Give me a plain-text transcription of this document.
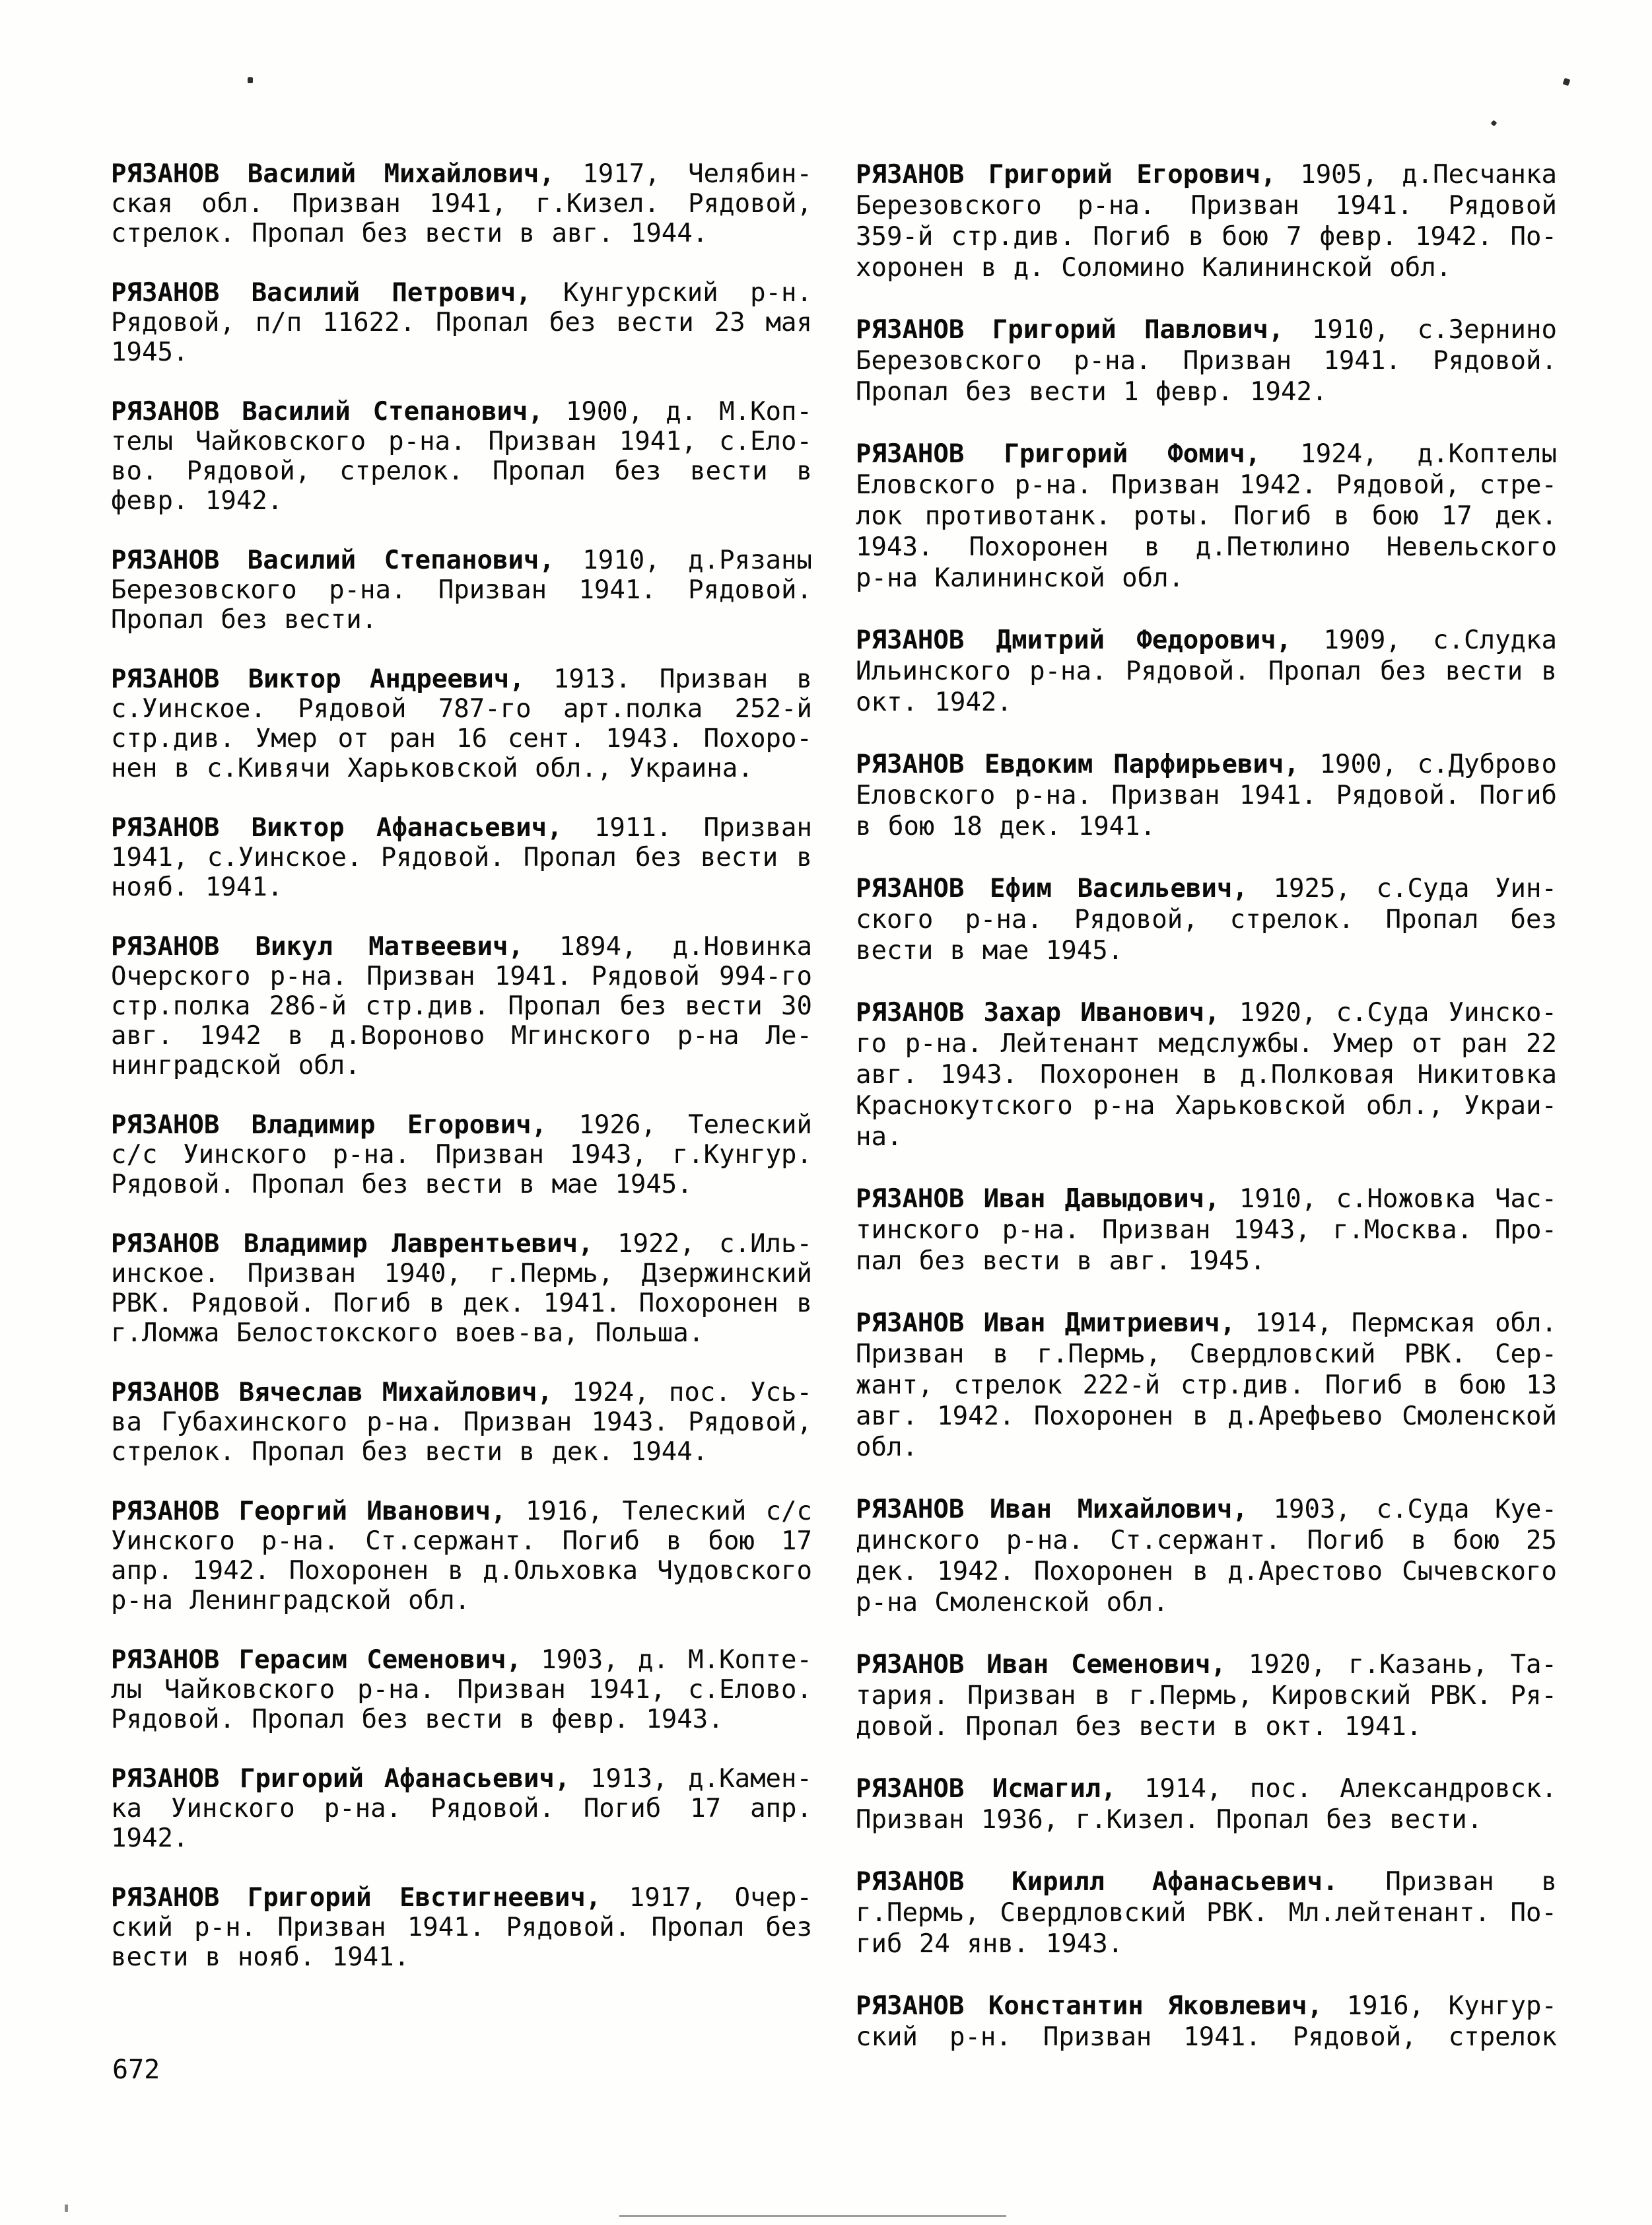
РЯЗАНОВ Василий Михайлович, 1917, Челябин-
ская обл. Призван 1941, г.Кизел. Рядовой,
стрелок. Пропал без вести в авг. 1944.
РЯЗАНОВ Василий Петрович, Кунгурский р-н.
Рядовой, п/п 11622. Пропал без вести 23 мая
1945.
РЯЗАНОВ Василий Степанович, 1900, д. М.Коп-
телы Чайковского р-на. Призван 1941, с.Ело-
во. Рядовой, стрелок. Пропал без вести в
февр. 1942.
РЯЗАНОВ Василий Степанович, 1910, д.Рязаны
Березовского р-на. Призван 1941. Рядовой.
Пропал без вести.
РЯЗАНОВ Виктор Андреевич, 1913. Призван в
с.Уинское. Рядовой 787-го арт.полка 252-й
стр.див. Умер от ран 16 сент. 1943. Похоро-
нен в с.Кивячи Харьковской обл., Украина.
РЯЗАНОВ Виктор Афанасьевич, 1911. Призван
1941, с.Уинское. Рядовой. Пропал без вести в
нояб. 1941.
РЯЗАНОВ Викул Матвеевич, 1894, д.Новинка
Очерского р-на. Призван 1941. Рядовой 994-го
стр.полка 286-й стр.див. Пропал без вести 30
авг. 1942 в д.Вороново Мгинского р-на Ле-
нинградской обл.
РЯЗАНОВ Владимир Егорович, 1926, Телеский
с/с Уинского р-на. Призван 1943, г.Кунгур.
Рядовой. Пропал без вести в мае 1945.
РЯЗАНОВ Владимир Лаврентьевич, 1922, с.Иль-
инское. Призван 1940, г.Пермь, Дзержинский
РВК. Рядовой. Погиб в дек. 1941. Похоронен в
г.Ломжа Белостокского воев-ва, Польша.
РЯЗАНОВ Вячеслав Михайлович, 1924, пос. Усь-
ва Губахинского р-на. Призван 1943. Рядовой,
стрелок. Пропал без вести в дек. 1944.
РЯЗАНОВ Георгий Иванович, 1916, Телеский с/с
Уинского р-на. Ст.сержант. Погиб в бою 17
апр. 1942. Похоронен в д.Ольховка Чудовского
р-на Ленинградской обл.
РЯЗАНОВ Герасим Семенович, 1903, д. М.Копте-
лы Чайковского р-на. Призван 1941, с.Елово.
Рядовой. Пропал без вести в февр. 1943.
РЯЗАНОВ Григорий Афанасьевич, 1913, д.Камен-
ка Уинского р-на. Рядовой. Погиб 17 апр.
1942.
РЯЗАНОВ Григорий Евстигнеевич, 1917, Очер-
ский р-н. Призван 1941. Рядовой. Пропал без
вести в нояб. 1941.
РЯЗАНОВ Григорий Егорович, 1905, д.Песчанка
Березовского р-на. Призван 1941. Рядовой
359-й стр.див. Погиб в бою 7 февр. 1942. По-
хоронен в д. Соломино Калининской обл.
РЯЗАНОВ Григорий Павлович, 1910, с.Зернино
Березовского р-на. Призван 1941. Рядовой.
Пропал без вести 1 февр. 1942.
РЯЗАНОВ Григорий Фомич, 1924, д.Коптелы
Еловского р-на. Призван 1942. Рядовой, стре-
лок противотанк. роты. Погиб в бою 17 дек.
1943. Похоронен в д.Петюлино Невельского
р-на Калининской обл.
РЯЗАНОВ Дмитрий Федорович, 1909, с.Слудка
Ильинского р-на. Рядовой. Пропал без вести в
окт. 1942.
РЯЗАНОВ Евдоким Парфирьевич, 1900, с.Дуброво
Еловского р-на. Призван 1941. Рядовой. Погиб
в бою 18 дек. 1941.
РЯЗАНОВ Ефим Васильевич, 1925, с.Суда Уин-
ского р-на. Рядовой, стрелок. Пропал без
вести в мае 1945.
РЯЗАНОВ Захар Иванович, 1920, с.Суда Уинско-
го р-на. Лейтенант медслужбы. Умер от ран 22
авг. 1943. Похоронен в д.Полковая Никитовка
Краснокутского р-на Харьковской обл., Украи-
на.
РЯЗАНОВ Иван Давыдович, 1910, с.Ножовка Час-
тинского р-на. Призван 1943, г.Москва. Про-
пал без вести в авг. 1945.
РЯЗАНОВ Иван Дмитриевич, 1914, Пермская обл.
Призван в г.Пермь, Свердловский РВК. Сер-
жант, стрелок 222-й стр.див. Погиб в бою 13
авг. 1942. Похоронен в д.Арефьево Смоленской
обл.
РЯЗАНОВ Иван Михайлович, 1903, с.Суда Куе-
динского р-на. Ст.сержант. Погиб в бою 25
дек. 1942. Похоронен в д.Арестово Сычевского
р-на Смоленской обл.
РЯЗАНОВ Иван Семенович, 1920, г.Казань, Та-
тария. Призван в г.Пермь, Кировский РВК. Ря-
довой. Пропал без вести в окт. 1941.
РЯЗАНОВ Исмагил, 1914, пос. Александровск.
Призван 1936, г.Кизел. Пропал без вести.
РЯЗАНОВ Кирилл Афанасьевич. Призван в
г.Пермь, Свердловский РВК. Мл.лейтенант. По-
гиб 24 янв. 1943.
РЯЗАНОВ Константин Яковлевич, 1916, Кунгур-
ский р-н. Призван 1941. Рядовой, стрелок
672
